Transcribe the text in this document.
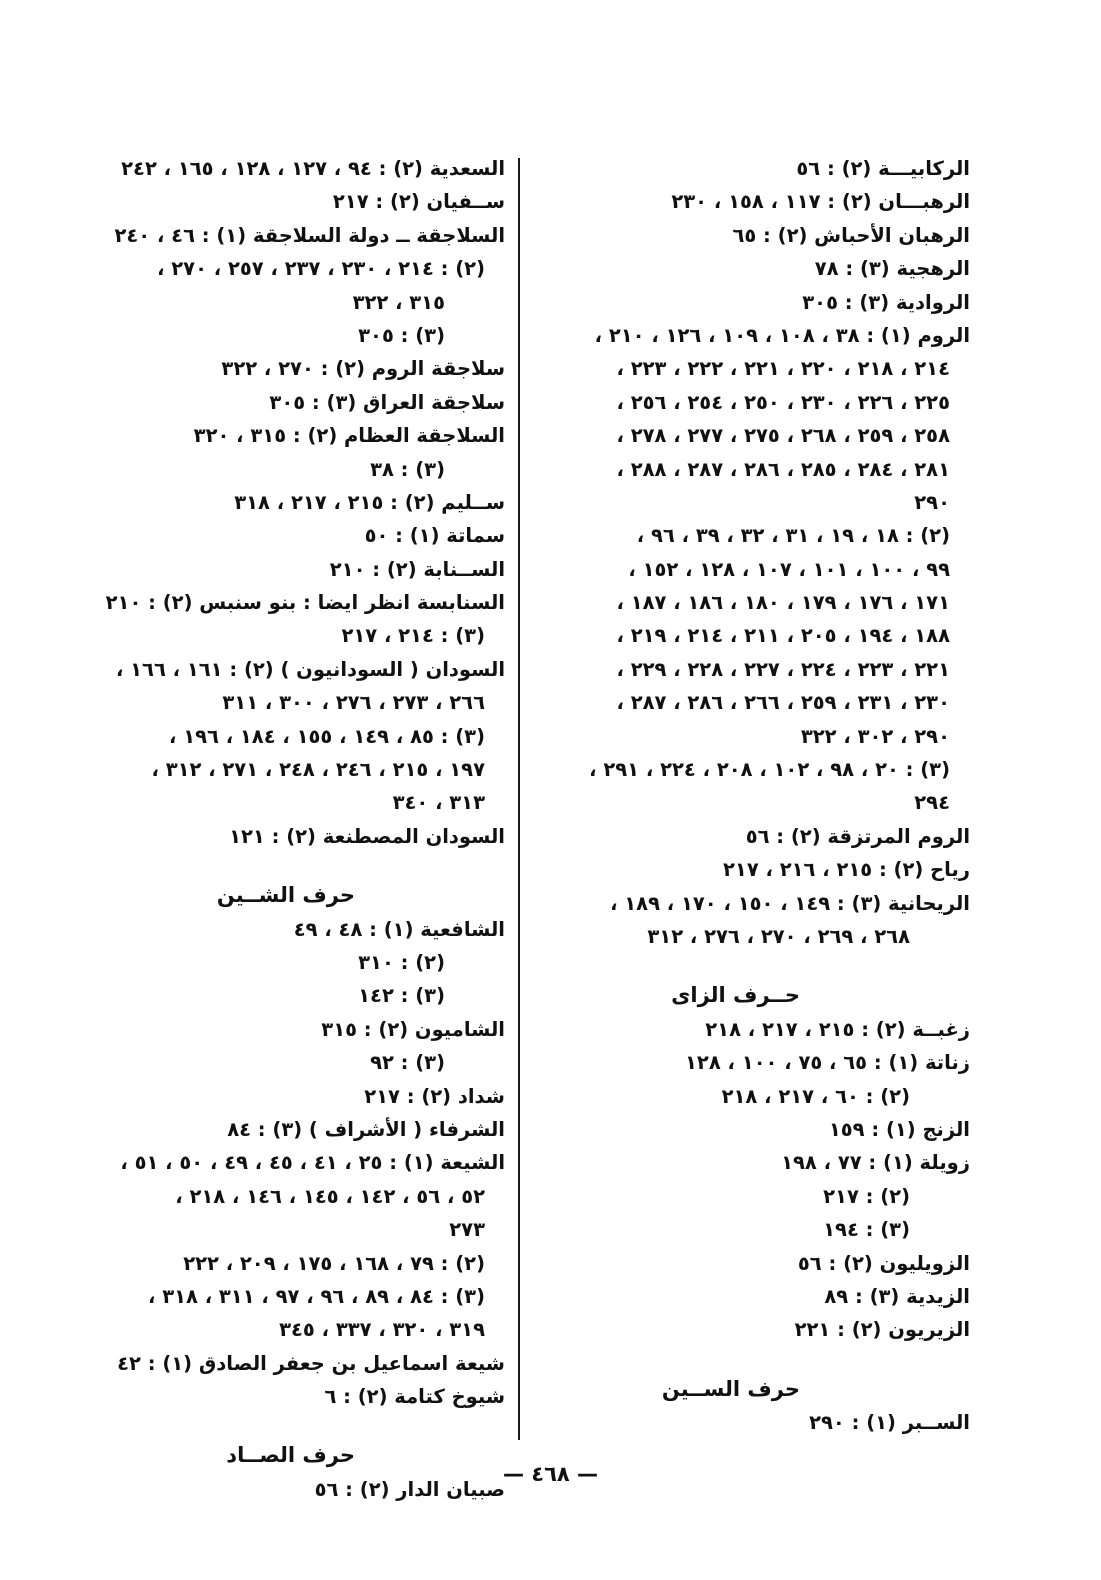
الركابيـــة (٢) : ٥٦
الرهبـــان (٢) : ١١٧ ، ١٥٨ ، ٢٣٠
الرهبان الأحباش (٢) : ٦٥
الرهجية (٣) : ٧٨
الروادية (٣) : ٣٠٥
الروم (١) : ٣٨ ، ١٠٨ ، ١٠٩ ، ١٢٦ ، ٢١٠ ،
٢١٤ ، ٢١٨ ، ٢٢٠ ، ٢٢١ ، ٢٢٢ ، ٢٢٣ ،
٢٢٥ ، ٢٢٦ ، ٢٣٠ ، ٢٥٠ ، ٢٥٤ ، ٢٥٦ ،
٢٥٨ ، ٢٥٩ ، ٢٦٨ ، ٢٧٥ ، ٢٧٧ ، ٢٧٨ ،
٢٨١ ، ٢٨٤ ، ٢٨٥ ، ٢٨٦ ، ٢٨٧ ، ٢٨٨ ،
٢٩٠
(٢) : ١٨ ، ١٩ ، ٣١ ، ٣٢ ، ٣٩ ، ٩٦ ،
٩٩ ، ١٠٠ ، ١٠١ ، ١٠٧ ، ١٢٨ ، ١٥٢ ،
١٧١ ، ١٧٦ ، ١٧٩ ، ١٨٠ ، ١٨٦ ، ١٨٧ ،
١٨٨ ، ١٩٤ ، ٢٠٥ ، ٢١١ ، ٢١٤ ، ٢١٩ ،
٢٢١ ، ٢٢٣ ، ٢٢٤ ، ٢٢٧ ، ٢٢٨ ، ٢٢٩ ،
٢٣٠ ، ٢٣١ ، ٢٥٩ ، ٢٦٦ ، ٢٨٦ ، ٢٨٧ ،
٢٩٠ ، ٣٠٢ ، ٣٢٢
(٣) : ٢٠ ، ٩٨ ، ١٠٢ ، ٢٠٨ ، ٢٢٤ ، ٢٩١ ،
٢٩٤
الروم المرتزقة (٢) : ٥٦
رياح (٢) : ٢١٥ ، ٢١٦ ، ٢١٧
الريحانية (٣) : ١٤٩ ، ١٥٠ ، ١٧٠ ، ١٨٩ ،
٢٦٨ ، ٢٦٩ ، ٢٧٠ ، ٢٧٦ ، ٣١٢
حــرف الزاى
زغبــة (٢) : ٢١٥ ، ٢١٧ ، ٢١٨
زناتة (١) : ٦٥ ، ٧٥ ، ١٠٠ ، ١٢٨
(٢) : ٦٠ ، ٢١٧ ، ٢١٨
الزنج (١) : ١٥٩
زويلة (١) : ٧٧ ، ١٩٨
(٢) : ٢١٧
(٣) : ١٩٤
الزويليون (٢) : ٥٦
الزيدية (٣) : ٨٩
الزيريون (٢) : ٢٢١
حرف الســين
الســبر (١) : ٢٩٠
السعدية (٢) : ٩٤ ، ١٢٧ ، ١٢٨ ، ١٦٥ ، ٢٤٢
ســفيان (٢) : ٢١٧
السلاجقة ــ دولة السلاجقة (١) : ٤٦ ، ٢٤٠
(٢) : ٢١٤ ، ٢٣٠ ، ٢٣٧ ، ٢٥٧ ، ٢٧٠ ،
٣١٥ ، ٣٢٢
(٣) : ٣٠٥
سلاجقة الروم (٢) : ٢٧٠ ، ٣٢٢
سلاجقة العراق (٣) : ٣٠٥
السلاجقة العظام (٢) : ٣١٥ ، ٣٢٠
(٣) : ٣٨
ســليم (٢) : ٢١٥ ، ٢١٧ ، ٣١٨
سماتة (١) : ٥٠
الســنابة (٢) : ٢١٠
السنابسة انظر ايضا : بنو سنبس (٢) : ٢١٠
(٣) : ٢١٤ ، ٢١٧
السودان ( السودانيون ) (٢) : ١٦١ ، ١٦٦ ،
٢٦٦ ، ٢٧٣ ، ٢٧٦ ، ٣٠٠ ، ٣١١
(٣) : ٨٥ ، ١٤٩ ، ١٥٥ ، ١٨٤ ، ١٩٦ ،
١٩٧ ، ٢١٥ ، ٢٤٦ ، ٢٤٨ ، ٢٧١ ، ٣١٢ ،
٣١٣ ، ٣٤٠
السودان المصطنعة (٢) : ١٢١
حرف الشــين
الشافعية (١) : ٤٨ ، ٤٩
(٢) : ٣١٠
(٣) : ١٤٢
الشاميون (٢) : ٣١٥
(٣) : ٩٢
شداد (٢) : ٢١٧
الشرفاء ( الأشراف ) (٣) : ٨٤
الشيعة (١) : ٢٥ ، ٤١ ، ٤٥ ، ٤٩ ، ٥٠ ، ٥١ ،
٥٢ ، ٥٦ ، ١٤٢ ، ١٤٥ ، ١٤٦ ، ٢١٨ ،
٢٧٣
(٢) : ٧٩ ، ١٦٨ ، ١٧٥ ، ٢٠٩ ، ٢٢٢
(٣) : ٨٤ ، ٨٩ ، ٩٦ ، ٩٧ ، ٣١١ ، ٣١٨ ،
٣١٩ ، ٣٢٠ ، ٣٣٧ ، ٣٤٥
شيعة اسماعيل بن جعفر الصادق (١) : ٤٢
شيوخ كتامة (٢) : ٦
حرف الصــاد
صبيان الدار (٢) : ٥٦
— ٤٦٨ —
